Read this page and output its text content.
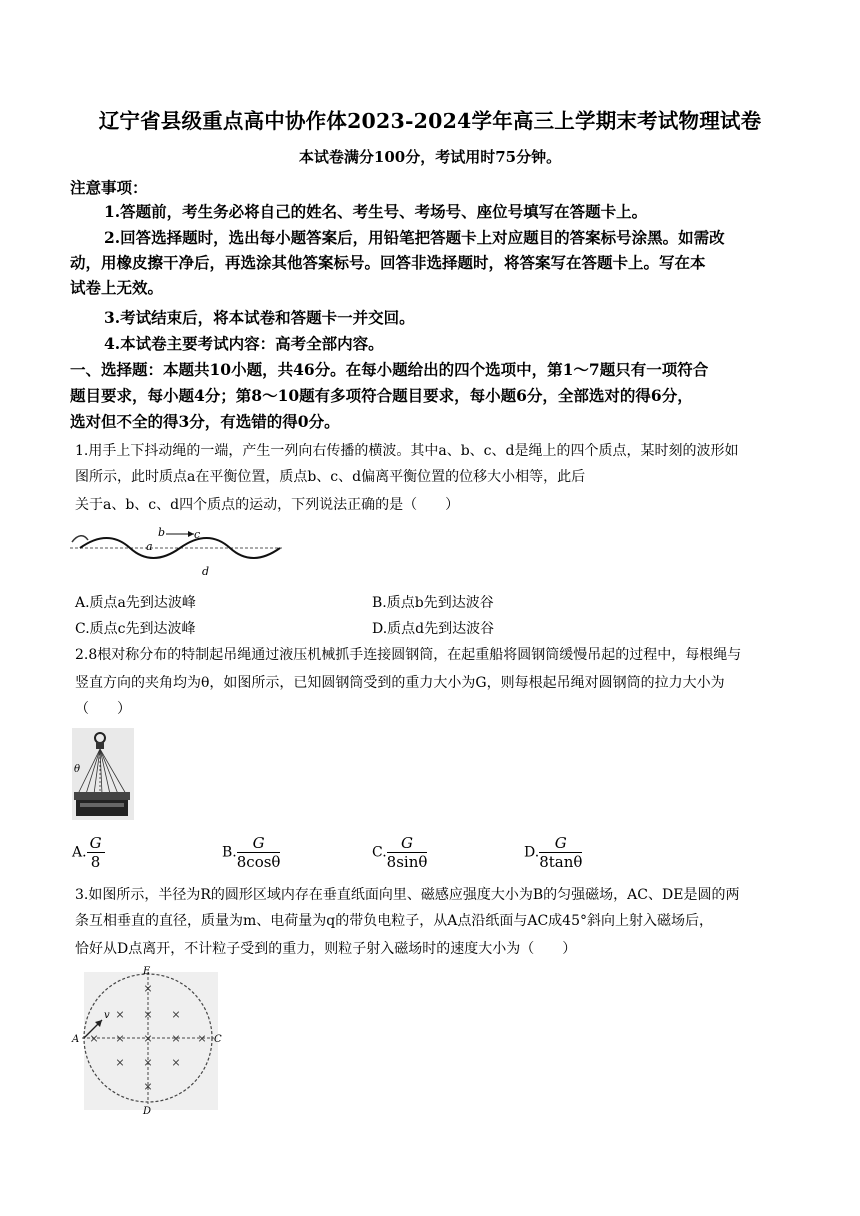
辽宁省县级重点高中协作体2023-2024学年高三上学期末考试物理试卷
本试卷满分100分，考试用时75分钟。
注意事项：
1.答题前，考生务必将自己的姓名、考生号、考场号、座位号填写在答题卡上。
2.回答选择题时，选出每小题答案后，用铅笔把答题卡上对应题目的答案标号涂黑。如需改
动，用橡皮擦干净后，再选涂其他答案标号。回答非选择题时，将答案写在答题卡上。写在本
试卷上无效。
3.考试结束后，将本试卷和答题卡一并交回。
4.本试卷主要考试内容：高考全部内容。
一、选择题：本题共10小题，共46分。在每小题给出的四个选项中，第1～7题只有一项符合
题目要求，每小题4分；第8～10题有多项符合题目要求，每小题6分，全部选对的得6分，
选对但不全的得3分，有选错的得0分。
1.用手上下抖动绳的一端，产生一列向右传播的横波。其中a、b、c、d是绳上的四个质点，某时刻的波形如
图所示，此时质点a在平衡位置，质点b、c、d偏离平衡位置的位移大小相等，此后
关于a、b、c、d四个质点的运动，下列说法正确的是（　　）
a
b	c
d
A.质点a先到达波峰	B.质点b先到达波谷
C.质点c先到达波峰	D.质点d先到达波谷
2.8根对称分布的特制起吊绳通过液压机械抓手连接圆钢筒，在起重船将圆钢筒缓慢吊起的过程中，每根绳与
竖直方向的夹角均为θ，如图所示，已知圆钢筒受到的重力大小为G，则每根起吊绳对圆钢筒的拉力大小为
（　　）
θ
A. $\frac{G}{8}$	B. $\frac{G}{8\cos\theta}$	C. $\frac{G}{8\sin\theta}$	D. $\frac{G}{8\tan\theta}$
3.如图所示，半径为R的圆形区域内存在垂直纸面向里、磁感应强度大小为B的匀强磁场，AC、DE是圆的两
条互相垂直的直径，质量为m、电荷量为q的带负电粒子，从A点沿纸面与AC成45°斜向上射入磁场后，
恰好从D点离开，不计粒子受到的重力，则粒子射入磁场时的速度大小为（　　）
×
× × ×
× × × × ×
× × ×
×
E
A	C
D
v
